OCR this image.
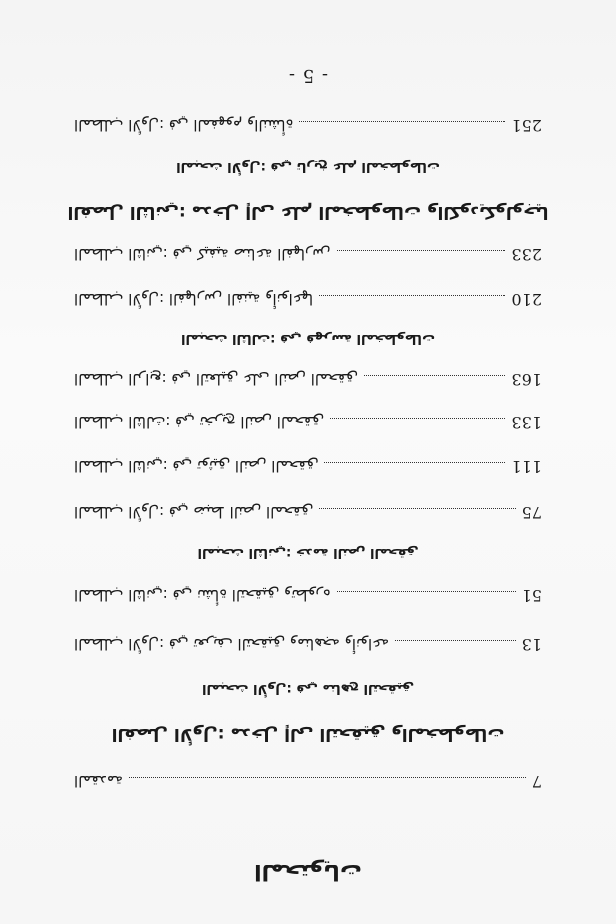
المحتويات
المقدمة	7
الفصل الأول: مدخل إلى التحقيق والمخطوطات
المبحث الأول: في مناهج التحقيق
المطلب الأول: في تعريف التحقيق ومناهجه وأنواعه	13
المطلب الثاني: في نشأة التحقيق وتطوره	51
المبحث الثاني: خدمة النص المحقق
المطلب الأول: في ضبط النص المحقق	75
المطلب الثاني: في توثيق النص المحقق	111
المطلب الثالث: في تخريج النص المحقق	133
المطلب الرابع: في التعليق على النص المحقق	163
المبحث الثالث: في فهرسة المخطوطات
المطلب الأول: الفهارس الفنية وأنواعها	210
المطلب الثاني: في كيفية صناعة الفهارس	233
الفصل الثاني: مدخل إلى علم المخطوطات والكوديكولوجيا
المبحث الأول: في تاريخ علم المخطوطات
المطلب الأول: في المفهوم والنشأة	251
- 5 -
